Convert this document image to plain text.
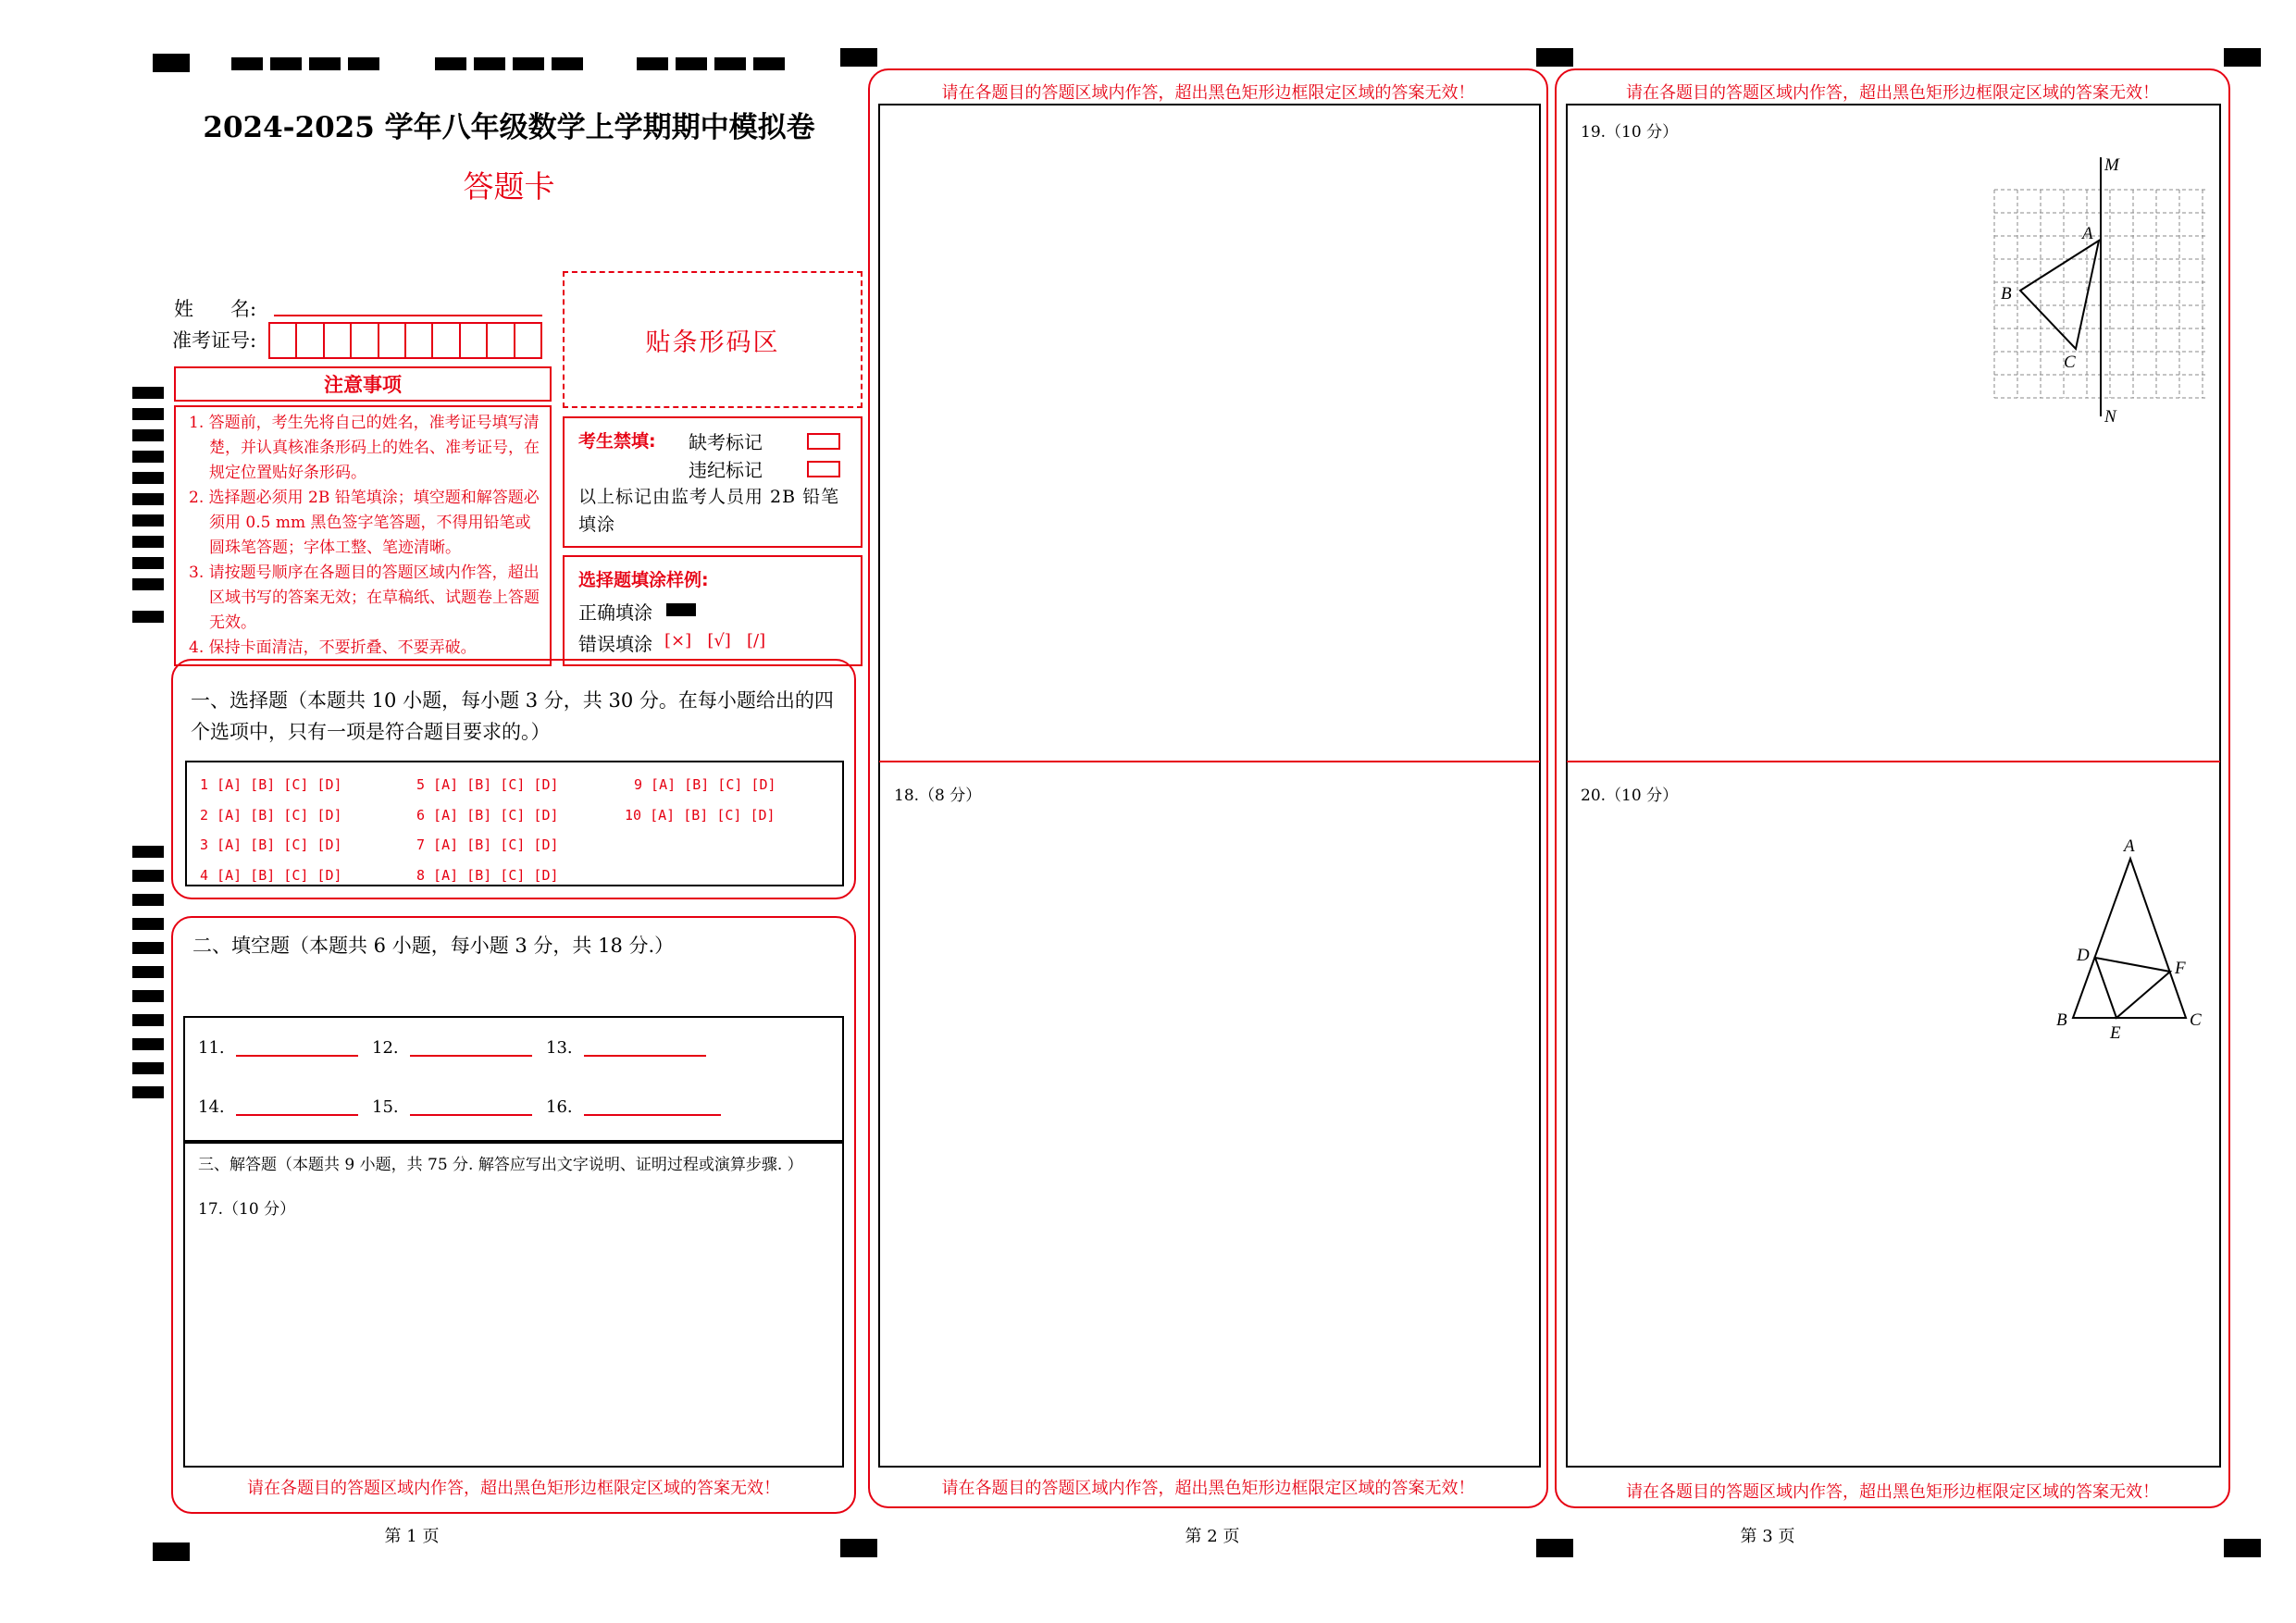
2024-2025 学年八年级数学上学期期中模拟卷
答题卡
姓      名:
准考证号:	贴条形码区
注意事项

1. 答题前，考生先将自己的姓名，准考证号填写清楚，并认真核准条形码上的姓名、准考证号，在规定位置贴好条形码。

2. 选择题必须用 2B 铅笔填涂；填空题和解答题必须用 0.5 mm 黑色签字笔答题，不得用铅笔或圆珠笔答题；字体工整、笔迹清晰。

3. 请按题号顺序在各题目的答题区域内作答，超出区域书写的答案无效；在草稿纸、试题卷上答题无效。

4. 保持卡面清洁，不要折叠、不要弄破。

考生禁填: 缺考标记
违纪标记
以上标记由监考人员用 2B 铅笔填涂
选择题填涂样例:
正确填涂
错误填涂 [×] [√] [/]
一、选择题（本题共 10 小题，每小题 3 分，共 30 分。在每小题给出的四个选项中，只有一项是符合题目要求的。）
1 [A] [B] [C] [D]
2 [A] [B] [C] [D]
3 [A] [B] [C] [D]
4 [A] [B] [C] [D]
5 [A] [B] [C] [D]
6 [A] [B] [C] [D]
7 [A] [B] [C] [D]
8 [A] [B] [C] [D]
9 [A] [B] [C] [D]
10 [A] [B] [C] [D]
二、填空题（本题共 6 小题，每小题 3 分，共 18 分.）
11.	12.	13.
14.	15.	16.
三、解答题（本题共 9 小题，共 75 分. 解答应写出文字说明、证明过程或演算步骤. ）
17.（10 分）
请在各题目的答题区域内作答，超出黑色矩形边框限定区域的答案无效！
第 1 页
请在各题目的答题区域内作答，超出黑色矩形边框限定区域的答案无效！
18.（8 分）
请在各题目的答题区域内作答，超出黑色矩形边框限定区域的答案无效！
第 2 页
请在各题目的答题区域内作答，超出黑色矩形边框限定区域的答案无效！
19.（10 分）
M
A
B
C
N
20.（10 分）
A
D
F
B
E
C
请在各题目的答题区域内作答，超出黑色矩形边框限定区域的答案无效！
第 3 页
